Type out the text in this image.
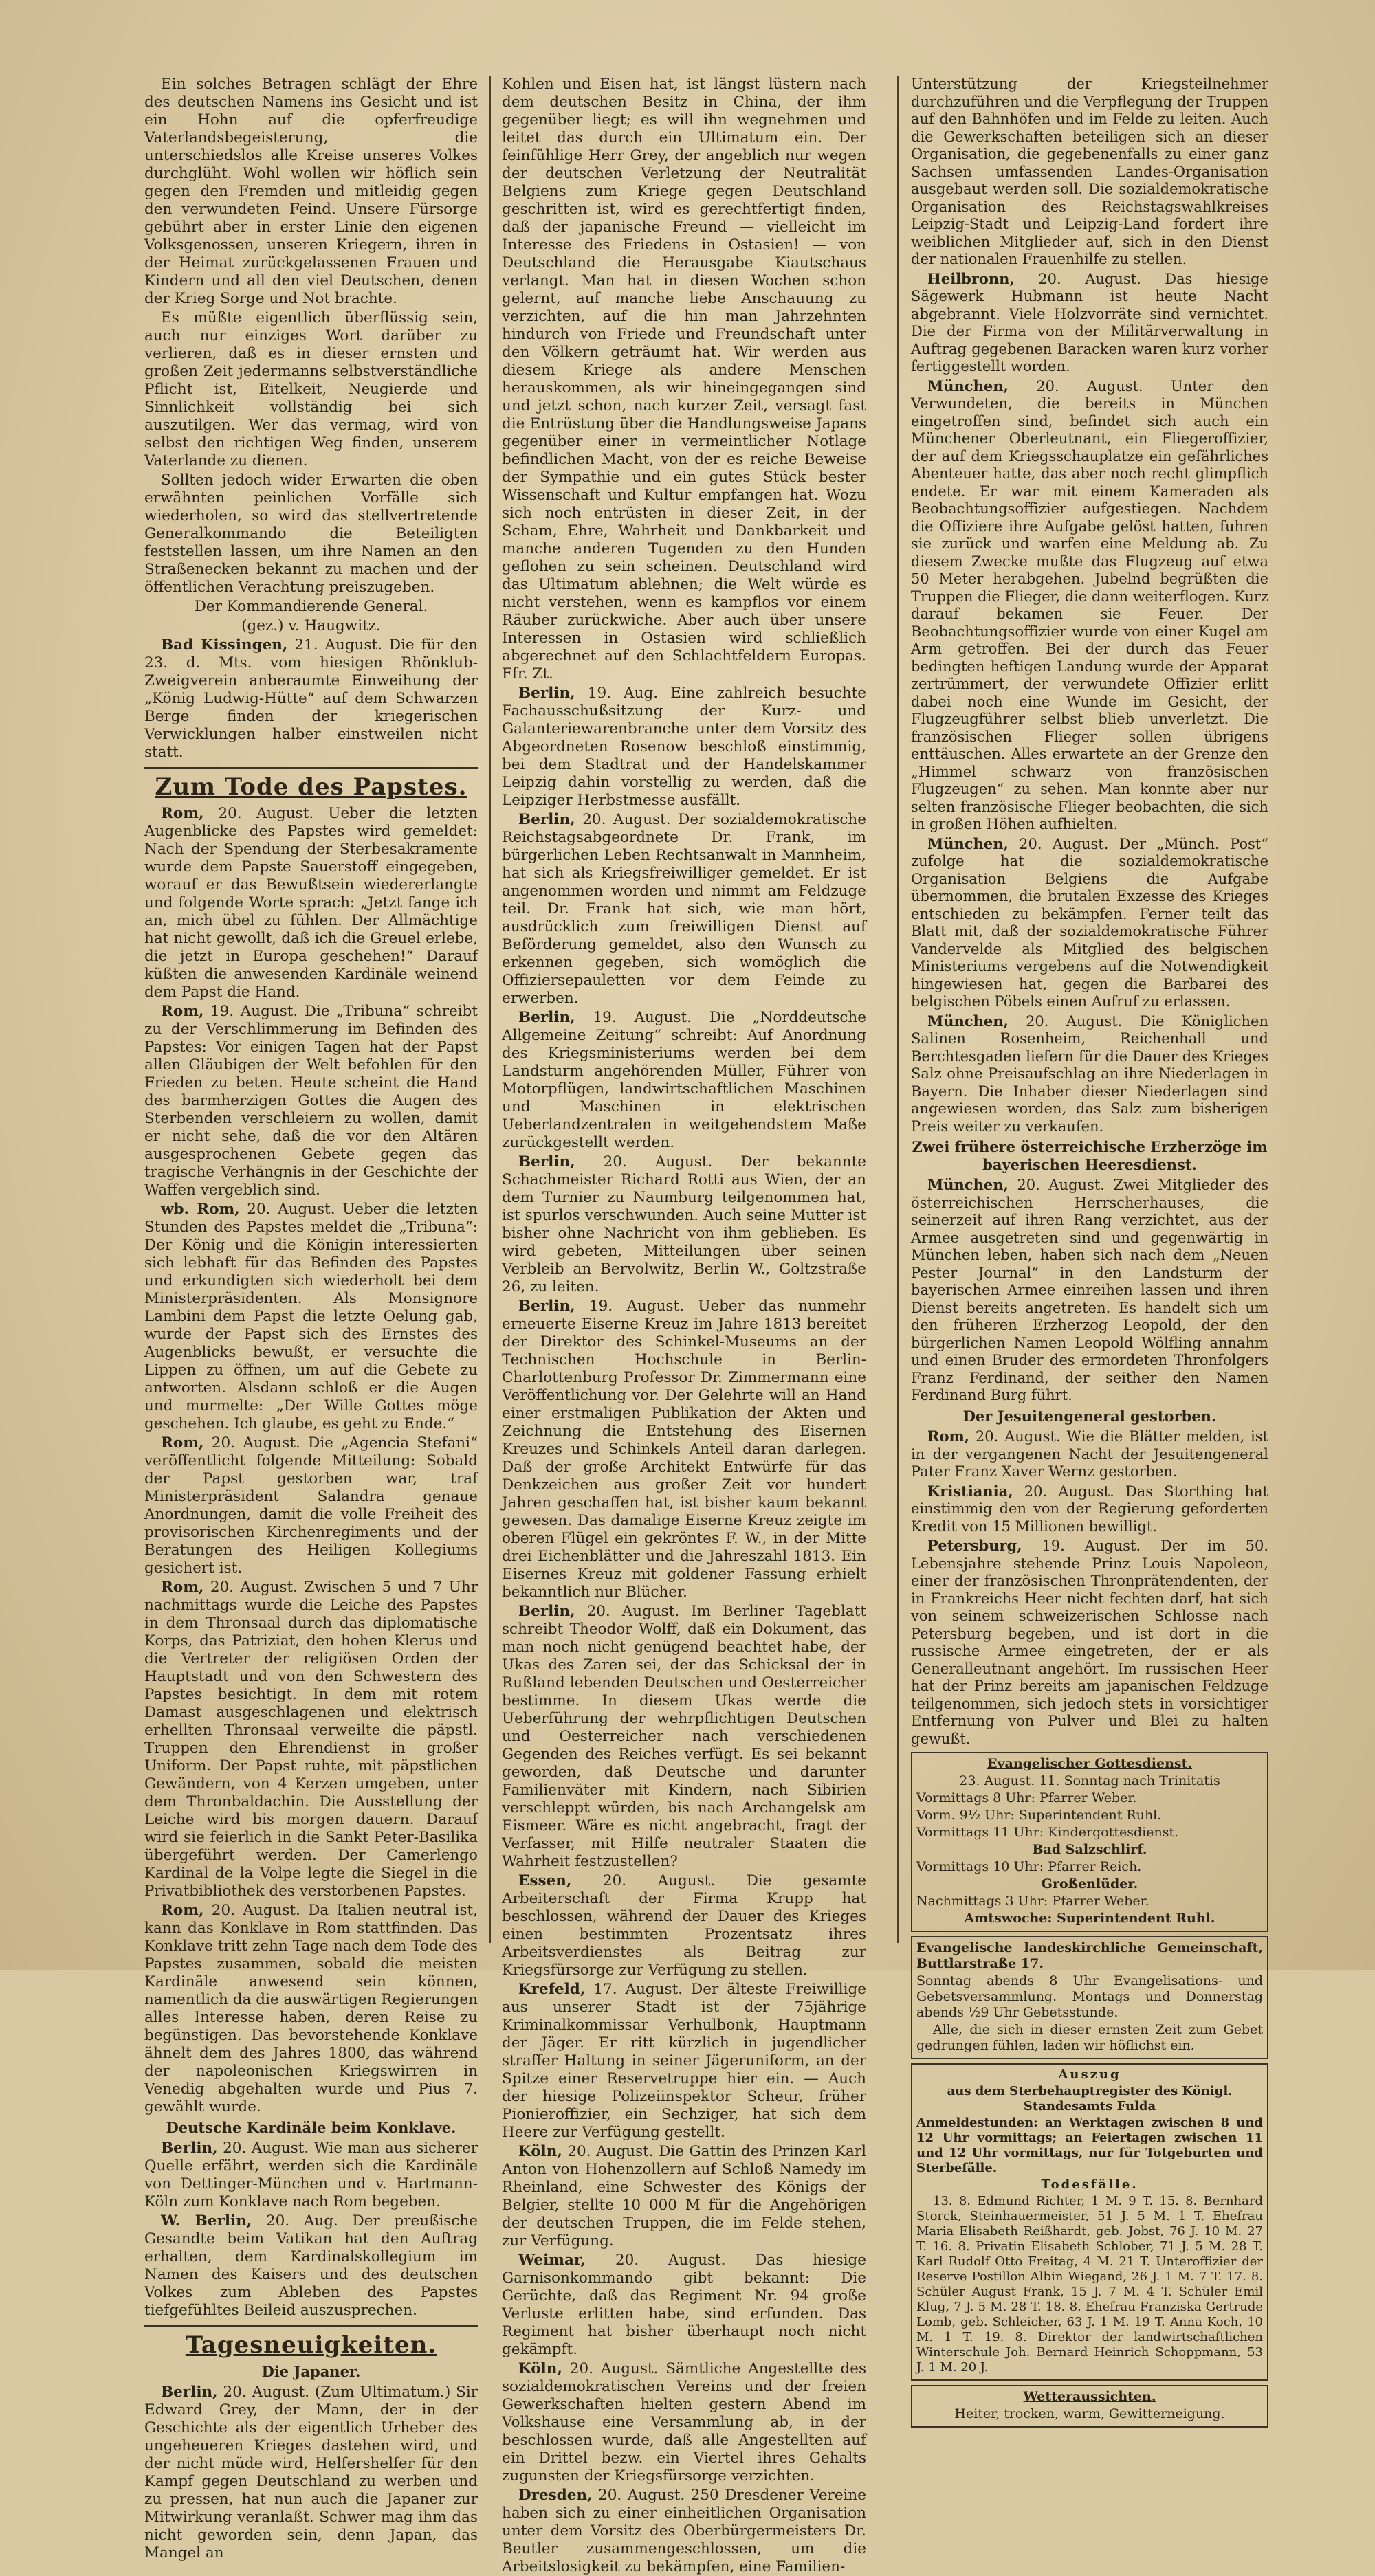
Ein solches Betragen schlägt der Ehre des deutschen Namens ins Gesicht und ist ein Hohn auf die opferfreudige Vaterlandsbegeisterung, die unterschiedslos alle Kreise unseres Volkes durchglüht. Wohl wollen wir höflich sein gegen den Fremden und mitleidig gegen den verwundeten Feind. Unsere Fürsorge gebührt aber in erster Linie den eigenen Volksgenossen, unseren Kriegern, ihren in der Heimat zurückgelassenen Frauen und Kindern und all den viel Deutschen, denen der Krieg Sorge und Not brachte.

Es müßte eigentlich überflüssig sein, auch nur einziges Wort darüber zu verlieren, daß es in dieser ernsten und großen Zeit jedermanns selbstverständliche Pflicht ist, Eitelkeit, Neugierde und Sinnlichkeit vollständig bei sich auszutilgen. Wer das vermag, wird von selbst den richtigen Weg finden, unserem Vaterlande zu dienen.

Sollten jedoch wider Erwarten die oben erwähnten peinlichen Vorfälle sich wiederholen, so wird das stellvertretende Generalkommando die Beteiligten feststellen lassen, um ihre Namen an den Straßenecken bekannt zu machen und der öffentlichen Verachtung preiszugeben.

Der Kommandierende General.

(gez.) v. Haugwitz.

Bad Kissingen, 21. August. Die für den 23. d. Mts. vom hiesigen Rhönklub-Zweigverein anberaumte Einweihung der „König Ludwig-Hütte“ auf dem Schwarzen Berge finden der kriegerischen Verwicklungen halber einstweilen nicht statt.

Zum Tode des Papstes.

Rom, 20. August. Ueber die letzten Augenblicke des Papstes wird gemeldet: Nach der Spendung der Sterbesakramente wurde dem Papste Sauerstoff eingegeben, worauf er das Bewußtsein wiedererlangte und folgende Worte sprach: „Jetzt fange ich an, mich übel zu fühlen. Der Allmächtige hat nicht gewollt, daß ich die Greuel erlebe, die jetzt in Europa geschehen!“ Darauf küßten die anwesenden Kardinäle weinend dem Papst die Hand.

Rom, 19. August. Die „Tribuna“ schreibt zu der Verschlimmerung im Befinden des Papstes: Vor einigen Tagen hat der Papst allen Gläubigen der Welt befohlen für den Frieden zu beten. Heute scheint die Hand des barmherzigen Gottes die Augen des Sterbenden verschleiern zu wollen, damit er nicht sehe, daß die vor den Altären ausgesprochenen Gebete gegen das tragische Verhängnis in der Geschichte der Waffen vergeblich sind.

wb. Rom, 20. August. Ueber die letzten Stunden des Papstes meldet die „Tribuna“: Der König und die Königin interessierten sich lebhaft für das Befinden des Papstes und erkundigten sich wiederholt bei dem Ministerpräsidenten. Als Monsignore Lambini dem Papst die letzte Oelung gab, wurde der Papst sich des Ernstes des Augenblicks bewußt, er versuchte die Lippen zu öffnen, um auf die Gebete zu antworten. Alsdann schloß er die Augen und murmelte: „Der Wille Gottes möge geschehen. Ich glaube, es geht zu Ende.“

Rom, 20. August. Die „Agencia Stefani“ veröffentlicht folgende Mitteilung: Sobald der Papst gestorben war, traf Ministerpräsident Salandra genaue Anordnungen, damit die volle Freiheit des provisorischen Kirchenregiments und der Beratungen des Heiligen Kollegiums gesichert ist.

Rom, 20. August. Zwischen 5 und 7 Uhr nachmittags wurde die Leiche des Papstes in dem Thronsaal durch das diplomatische Korps, das Patriziat, den hohen Klerus und die Vertreter der religiösen Orden der Hauptstadt und von den Schwestern des Papstes besichtigt. In dem mit rotem Damast ausgeschlagenen und elektrisch erhellten Thronsaal verweilte die päpstl. Truppen den Ehrendienst in großer Uniform. Der Papst ruhte, mit päpstlichen Gewändern, von 4 Kerzen umgeben, unter dem Thronbaldachin. Die Ausstellung der Leiche wird bis morgen dauern. Darauf wird sie feierlich in die Sankt Peter-Basilika übergeführt werden. Der Camerlengo Kardinal de la Volpe legte die Siegel in die Privatbibliothek des verstorbenen Papstes.

Rom, 20. August. Da Italien neutral ist, kann das Konklave in Rom stattfinden. Das Konklave tritt zehn Tage nach dem Tode des Papstes zusammen, sobald die meisten Kardinäle anwesend sein können, namentlich da die auswärtigen Regierungen alles Interesse haben, deren Reise zu begünstigen. Das bevorstehende Konklave ähnelt dem des Jahres 1800, das während der napoleonischen Kriegswirren in Venedig abgehalten wurde und Pius 7. gewählt wurde.

Deutsche Kardinäle beim Konklave.

Berlin, 20. August. Wie man aus sicherer Quelle erfährt, werden sich die Kardinäle von Dettinger-München und v. Hartmann-Köln zum Konklave nach Rom begeben.

W. Berlin, 20. Aug. Der preußische Gesandte beim Vatikan hat den Auftrag erhalten, dem Kardinalskollegium im Namen des Kaisers und des deutschen Volkes zum Ableben des Papstes tiefgefühltes Beileid auszusprechen.

Tagesneuigkeiten.

Die Japaner.

Berlin, 20. August. (Zum Ultimatum.) Sir Edward Grey, der Mann, der in der Geschichte als der eigentlich Urheber des ungeheueren Krieges dastehen wird, und der nicht müde wird, Helfershelfer für den Kampf gegen Deutschland zu werben und zu pressen, hat nun auch die Japaner zur Mitwirkung veranlaßt. Schwer mag ihm das nicht geworden sein, denn Japan, das Mangel an

Kohlen und Eisen hat, ist längst lüstern nach dem deutschen Besitz in China, der ihm gegenüber liegt; es will ihn wegnehmen und leitet das durch ein Ultimatum ein. Der feinfühlige Herr Grey, der angeblich nur wegen der deutschen Verletzung der Neutralität Belgiens zum Kriege gegen Deutschland geschritten ist, wird es gerechtfertigt finden, daß der japanische Freund — vielleicht im Interesse des Friedens in Ostasien! — von Deutschland die Herausgabe Kiautschaus verlangt. Man hat in diesen Wochen schon gelernt, auf manche liebe Anschauung zu verzichten, auf die hin man Jahrzehnten hindurch von Friede und Freundschaft unter den Völkern geträumt hat. Wir werden aus diesem Kriege als andere Menschen herauskommen, als wir hineingegangen sind und jetzt schon, nach kurzer Zeit, versagt fast die Entrüstung über die Handlungsweise Japans gegenüber einer in vermeintlicher Notlage befindlichen Macht, von der es reiche Beweise der Sympathie und ein gutes Stück bester Wissenschaft und Kultur empfangen hat. Wozu sich noch entrüsten in dieser Zeit, in der Scham, Ehre, Wahrheit und Dankbarkeit und manche anderen Tugenden zu den Hunden geflohen zu sein scheinen. Deutschland wird das Ultimatum ablehnen; die Welt würde es nicht verstehen, wenn es kampflos vor einem Räuber zurückwiche. Aber auch über unsere Interessen in Ostasien wird schließlich abgerechnet auf den Schlachtfeldern Europas. Ffr. Zt.

Berlin, 19. Aug. Eine zahlreich besuchte Fachausschußsitzung der Kurz- und Galanteriewarenbranche unter dem Vorsitz des Abgeordneten Rosenow beschloß einstimmig, bei dem Stadtrat und der Handelskammer Leipzig dahin vorstellig zu werden, daß die Leipziger Herbstmesse ausfällt.

Berlin, 20. August. Der sozialdemokratische Reichstagsabgeordnete Dr. Frank, im bürgerlichen Leben Rechtsanwalt in Mannheim, hat sich als Kriegsfreiwilliger gemeldet. Er ist angenommen worden und nimmt am Feldzuge teil. Dr. Frank hat sich, wie man hört, ausdrücklich zum freiwilligen Dienst auf Beförderung gemeldet, also den Wunsch zu erkennen gegeben, sich womöglich die Offiziersepauletten vor dem Feinde zu erwerben.

Berlin, 19. August. Die „Norddeutsche Allgemeine Zeitung“ schreibt: Auf Anordnung des Kriegsministeriums werden bei dem Landsturm angehörenden Müller, Führer von Motorpflügen, landwirtschaftlichen Maschinen und Maschinen in elektrischen Ueberlandzentralen in weitgehendstem Maße zurückgestellt werden.

Berlin, 20. August. Der bekannte Schachmeister Richard Rotti aus Wien, der an dem Turnier zu Naumburg teilgenommen hat, ist spurlos verschwunden. Auch seine Mutter ist bisher ohne Nachricht von ihm geblieben. Es wird gebeten, Mitteilungen über seinen Verbleib an Bervolwitz, Berlin W., Goltzstraße 26, zu leiten.

Berlin, 19. August. Ueber das nunmehr erneuerte Eiserne Kreuz im Jahre 1813 bereitet der Direktor des Schinkel-Museums an der Technischen Hochschule in Berlin-Charlottenburg Professor Dr. Zimmermann eine Veröffentlichung vor. Der Gelehrte will an Hand einer erstmaligen Publikation der Akten und Zeichnung die Entstehung des Eisernen Kreuzes und Schinkels Anteil daran darlegen. Daß der große Architekt Entwürfe für das Denkzeichen aus großer Zeit vor hundert Jahren geschaffen hat, ist bisher kaum bekannt gewesen. Das damalige Eiserne Kreuz zeigte im oberen Flügel ein gekröntes F. W., in der Mitte drei Eichenblätter und die Jahreszahl 1813. Ein Eisernes Kreuz mit goldener Fassung erhielt bekanntlich nur Blücher.

Berlin, 20. August. Im Berliner Tageblatt schreibt Theodor Wolff, daß ein Dokument, das man noch nicht genügend beachtet habe, der Ukas des Zaren sei, der das Schicksal der in Rußland lebenden Deutschen und Oesterreicher bestimme. In diesem Ukas werde die Ueberführung der wehrpflichtigen Deutschen und Oesterreicher nach verschiedenen Gegenden des Reiches verfügt. Es sei bekannt geworden, daß Deutsche und darunter Familienväter mit Kindern, nach Sibirien verschleppt würden, bis nach Archangelsk am Eismeer. Wäre es nicht angebracht, fragt der Verfasser, mit Hilfe neutraler Staaten die Wahrheit festzustellen?

Essen, 20. August. Die gesamte Arbeiterschaft der Firma Krupp hat beschlossen, während der Dauer des Krieges einen bestimmten Prozentsatz ihres Arbeitsverdienstes als Beitrag zur Kriegsfürsorge zur Verfügung zu stellen.

Krefeld, 17. August. Der älteste Freiwillige aus unserer Stadt ist der 75jährige Kriminalkommissar Verhulbonk, Hauptmann der Jäger. Er ritt kürzlich in jugendlicher straffer Haltung in seiner Jägeruniform, an der Spitze einer Reservetruppe hier ein. — Auch der hiesige Polizeiinspektor Scheur, früher Pionieroffizier, ein Sechziger, hat sich dem Heere zur Verfügung gestellt.

Köln, 20. August. Die Gattin des Prinzen Karl Anton von Hohenzollern auf Schloß Namedy im Rheinland, eine Schwester des Königs der Belgier, stellte 10 000 M für die Angehörigen der deutschen Truppen, die im Felde stehen, zur Verfügung.

Weimar, 20. August. Das hiesige Garnisonkommando gibt bekannt: Die Gerüchte, daß das Regiment Nr. 94 große Verluste erlitten habe, sind erfunden. Das Regiment hat bisher überhaupt noch nicht gekämpft.

Köln, 20. August. Sämtliche Angestellte des sozialdemokratischen Vereins und der freien Gewerkschaften hielten gestern Abend im Volkshause eine Versammlung ab, in der beschlossen wurde, daß alle Angestellten auf ein Drittel bezw. ein Viertel ihres Gehalts zugunsten der Kriegsfürsorge verzichten.

Dresden, 20. August. 250 Dresdener Vereine haben sich zu einer einheitlichen Organisation unter dem Vorsitz des Oberbürgermeisters Dr. Beutler zusammengeschlossen, um die Arbeitslosigkeit zu bekämpfen, eine Familien-

Unterstützung der Kriegsteilnehmer durchzuführen und die Verpflegung der Truppen auf den Bahnhöfen und im Felde zu leiten. Auch die Gewerkschaften beteiligen sich an dieser Organisation, die gegebenenfalls zu einer ganz Sachsen umfassenden Landes-Organisation ausgebaut werden soll. Die sozialdemokratische Organisation des Reichstagswahlkreises Leipzig-Stadt und Leipzig-Land fordert ihre weiblichen Mitglieder auf, sich in den Dienst der nationalen Frauenhilfe zu stellen.

Heilbronn, 20. August. Das hiesige Sägewerk Hubmann ist heute Nacht abgebrannt. Viele Holzvorräte sind vernichtet. Die der Firma von der Militärverwaltung in Auftrag gegebenen Baracken waren kurz vorher fertiggestellt worden.

München, 20. August. Unter den Verwundeten, die bereits in München eingetroffen sind, befindet sich auch ein Münchener Oberleutnant, ein Fliegeroffizier, der auf dem Kriegsschauplatze ein gefährliches Abenteuer hatte, das aber noch recht glimpflich endete. Er war mit einem Kameraden als Beobachtungsoffizier aufgestiegen. Nachdem die Offiziere ihre Aufgabe gelöst hatten, fuhren sie zurück und warfen eine Meldung ab. Zu diesem Zwecke mußte das Flugzeug auf etwa 50 Meter herabgehen. Jubelnd begrüßten die Truppen die Flieger, die dann weiterflogen. Kurz darauf bekamen sie Feuer. Der Beobachtungsoffizier wurde von einer Kugel am Arm getroffen. Bei der durch das Feuer bedingten heftigen Landung wurde der Apparat zertrümmert, der verwundete Offizier erlitt dabei noch eine Wunde im Gesicht, der Flugzeugführer selbst blieb unverletzt. Die französischen Flieger sollen übrigens enttäuschen. Alles erwartete an der Grenze den „Himmel schwarz von französischen Flugzeugen“ zu sehen. Man konnte aber nur selten französische Flieger beobachten, die sich in großen Höhen aufhielten.

München, 20. August. Der „Münch. Post“ zufolge hat die sozialdemokratische Organisation Belgiens die Aufgabe übernommen, die brutalen Exzesse des Krieges entschieden zu bekämpfen. Ferner teilt das Blatt mit, daß der sozialdemokratische Führer Vandervelde als Mitglied des belgischen Ministeriums vergebens auf die Notwendigkeit hingewiesen hat, gegen die Barbarei des belgischen Pöbels einen Aufruf zu erlassen.

München, 20. August. Die Königlichen Salinen Rosenheim, Reichenhall und Berchtesgaden liefern für die Dauer des Krieges Salz ohne Preisaufschlag an ihre Niederlagen in Bayern. Die Inhaber dieser Niederlagen sind angewiesen worden, das Salz zum bisherigen Preis weiter zu verkaufen.

Zwei frühere österreichische Erzherzöge im bayerischen Heeresdienst.

München, 20. August. Zwei Mitglieder des österreichischen Herrscherhauses, die seinerzeit auf ihren Rang verzichtet, aus der Armee ausgetreten sind und gegenwärtig in München leben, haben sich nach dem „Neuen Pester Journal“ in den Landsturm der bayerischen Armee einreihen lassen und ihren Dienst bereits angetreten. Es handelt sich um den früheren Erzherzog Leopold, der den bürgerlichen Namen Leopold Wölfling annahm und einen Bruder des ermordeten Thronfolgers Franz Ferdinand, der seither den Namen Ferdinand Burg führt.

Der Jesuitengeneral gestorben.

Rom, 20. August. Wie die Blätter melden, ist in der vergangenen Nacht der Jesuitengeneral Pater Franz Xaver Wernz gestorben.

Kristiania, 20. August. Das Storthing hat einstimmig den von der Regierung geforderten Kredit von 15 Millionen bewilligt.

Petersburg, 19. August. Der im 50. Lebensjahre stehende Prinz Louis Napoleon, einer der französischen Thronprätendenten, der in Frankreichs Heer nicht fechten darf, hat sich von seinem schweizerischen Schlosse nach Petersburg begeben, und ist dort in die russische Armee eingetreten, der er als Generalleutnant angehört. Im russischen Heer hat der Prinz bereits am japanischen Feldzuge teilgenommen, sich jedoch stets in vorsichtiger Entfernung von Pulver und Blei zu halten gewußt.

Evangelischer Gottesdienst.

23. August. 11. Sonntag nach Trinitatis

Vormittags 8 Uhr: Pfarrer Weber.

Vorm. 9½ Uhr: Superintendent Ruhl.

Vormittags 11 Uhr: Kindergottesdienst.

Bad Salzschlirf.

Vormittags 10 Uhr: Pfarrer Reich.

Großenlüder.

Nachmittags 3 Uhr: Pfarrer Weber.

Amtswoche: Superintendent Ruhl.

Evangelische landeskirchliche Gemeinschaft, Buttlarstraße 17.

Sonntag abends 8 Uhr Evangelisations- und Gebetsversammlung. Montags und Donnerstag abends ½9 Uhr Gebetsstunde.

Alle, die sich in dieser ernsten Zeit zum Gebet gedrungen fühlen, laden wir höflichst ein.

Auszug

aus dem Sterbehauptregister des Königl. Standesamts Fulda

Anmeldestunden: an Werktagen zwischen 8 und 12 Uhr vormittags; an Feiertagen zwischen 11 und 12 Uhr vormittags, nur für Totgeburten und Sterbefälle.

Todesfälle.

13. 8. Edmund Richter, 1 M. 9 T. 15. 8. Bernhard Storck, Steinhauermeister, 51 J. 5 M. 1 T. Ehefrau Maria Elisabeth Reißhardt, geb. Jobst, 76 J. 10 M. 27 T. 16. 8. Privatin Elisabeth Schlober, 71 J. 5 M. 28 T. Karl Rudolf Otto Freitag, 4 M. 21 T. Unteroffizier der Reserve Postillon Albin Wiegand, 26 J. 1 M. 7 T. 17. 8. Schüler August Frank, 15 J. 7 M. 4 T. Schüler Emil Klug, 7 J. 5 M. 28 T. 18. 8. Ehefrau Franziska Gertrude Lomb, geb. Schleicher, 63 J. 1 M. 19 T. Anna Koch, 10 M. 1 T. 19. 8. Direktor der landwirtschaftlichen Winterschule Joh. Bernard Heinrich Schoppmann, 53 J. 1 M. 20 J.

Wetteraussichten.

Heiter, trocken, warm, Gewitterneigung.
